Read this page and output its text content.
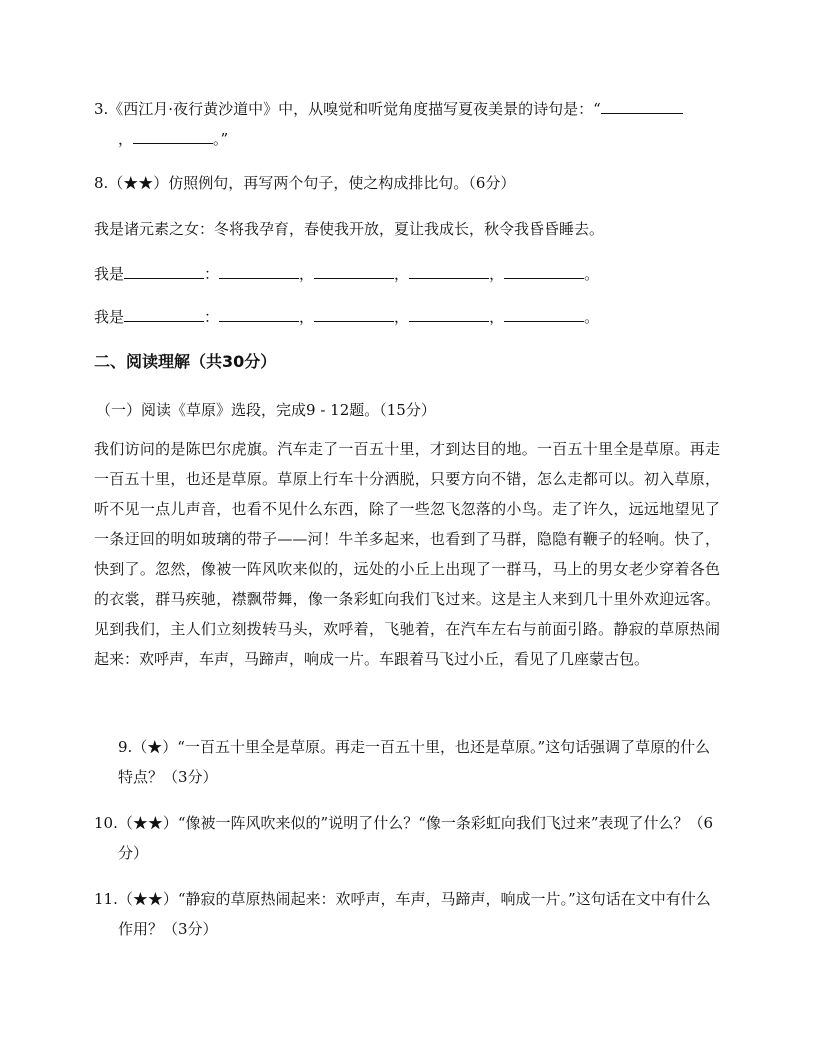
3.《西江月·夜行黄沙道中》中，从嗅觉和听觉角度描写夏夜美景的诗句是：“
，	。”
8.（★★）仿照例句，再写两个句子，使之构成排比句。（6分）
我是诸元素之女：冬将我孕育，春使我开放，夏让我成长，秋令我昏昏睡去。
我是	：	，	，	，	。
我是	：	，	，	，	。
二、阅读理解（共30分）
（一）阅读《草原》选段，完成9 - 12题。（15分）
我们访问的是陈巴尔虎旗。汽车走了一百五十里，才到达目的地。一百五十里全是草原。再走一百五十里，也还是草原。草原上行车十分洒脱，只要方向不错，怎么走都可以。初入草原，听不见一点儿声音，也看不见什么东西，除了一些忽飞忽落的小鸟。走了许久，远远地望见了一条迂回的明如玻璃的带子——河！牛羊多起来，也看到了马群，隐隐有鞭子的轻响。快了，快到了。忽然，像被一阵风吹来似的，远处的小丘上出现了一群马，马上的男女老少穿着各色的衣裳，群马疾驰，襟飘带舞，像一条彩虹向我们飞过来。这是主人来到几十里外欢迎远客。见到我们，主人们立刻拨转马头，欢呼着，飞驰着，在汽车左右与前面引路。静寂的草原热闹起来：欢呼声，车声，马蹄声，响成一片。车跟着马飞过小丘，看见了几座蒙古包。
9.（★）“一百五十里全是草原。再走一百五十里，也还是草原。”这句话强调了草原的什么特点？（3分）
10.（★★）“像被一阵风吹来似的”说明了什么？“像一条彩虹向我们飞过来”表现了什么？（6分）
11.（★★）“静寂的草原热闹起来：欢呼声，车声，马蹄声，响成一片。”这句话在文中有什么作用？（3分）
